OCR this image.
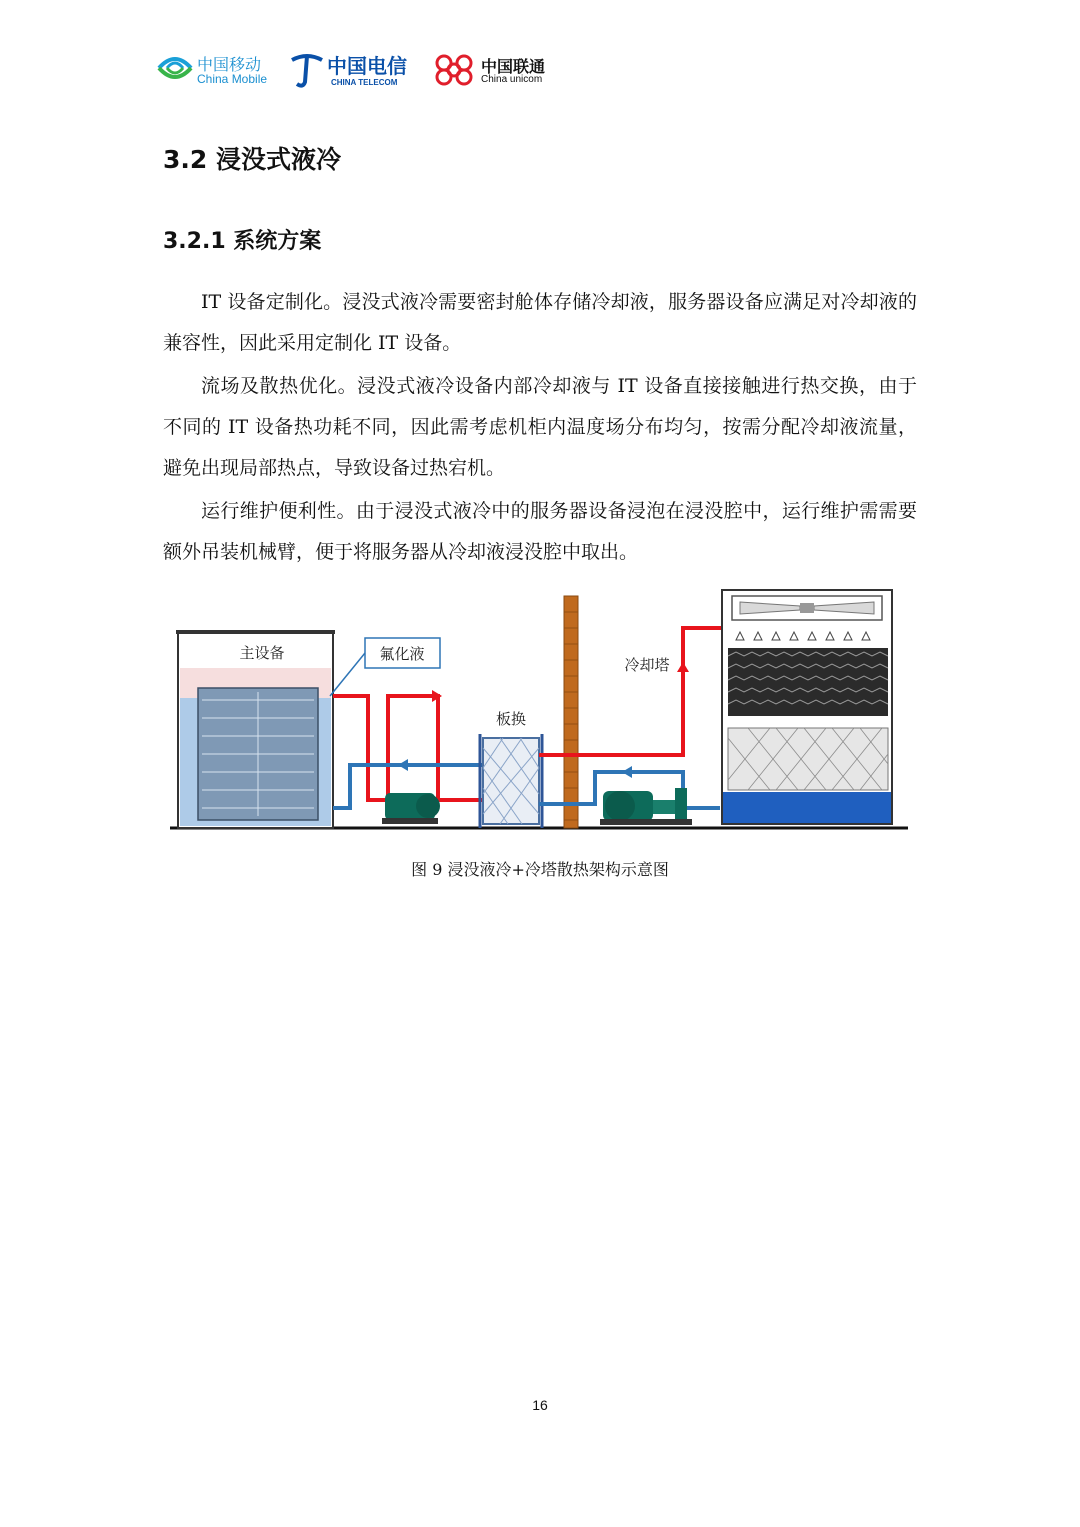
中国移动
China Mobile
中国电信
CHINA TELECOM
中国联通
China unicom
3.2 浸没式液冷
3.2.1 系统方案

IT 设备定制化。浸没式液冷需要密封舱体存储冷却液，服务器设备应满足对冷却液的兼容性，因此采用定制化 IT 设备。

流场及散热优化。浸没式液冷设备内部冷却液与 IT 设备直接接触进行热交换，由于不同的 IT 设备热功耗不同，因此需考虑机柜内温度场分布均匀，按需分配冷却液流量，避免出现局部热点，导致设备过热宕机。

运行维护便利性。由于浸没式液冷中的服务器设备浸泡在浸没腔中，运行维护需需要额外吊装机械臂，便于将服务器从冷却液浸没腔中取出。

主设备	氟化液
板换
冷却塔
图 9 浸没液冷+冷塔散热架构示意图
16
